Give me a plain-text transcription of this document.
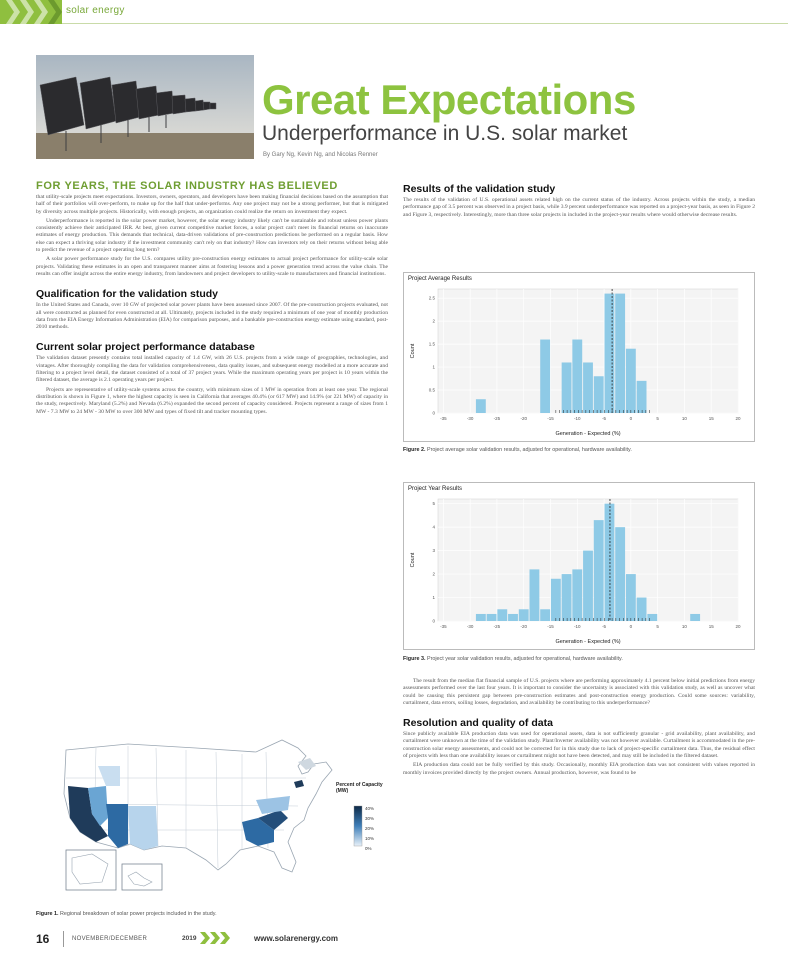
solar energy
Great Expectations
Underperformance in U.S. solar market
By Gary Ng, Kevin Ng, and Nicolas Renner
FOR YEARS, THE SOLAR INDUSTRY HAS BELIEVED

that utility-scale projects meet expectations. Investors, owners, operators, and developers have been making financial decisions based on the assumption that half of their portfolios will over-perform, to make up for the half that under-performs. Any one project may not be a strong performer, but that is mitigated by diversity across multiple projects. Historically, with enough projects, an organization could realize the return on investment they expect.

Underperformance is reported in the solar power market, however, the solar energy industry likely can't be sustainable and robust unless power plants consistently achieve their anticipated IRR. At best, given current competitive market forces, a solar project can't meet its financial returns on inaccurate estimates of energy production. This demands that technical, data-driven validations of pre-construction predictions be performed on a regular basis. How else can expect a thriving solar industry if the investment community can't rely on that industry? How can investors rely on their returns without being able to predict the revenue of a project operating long term?

A solar power performance study for the U.S. compares utility pre-construction energy estimates to actual project performance for utility-scale solar projects. Validating these estimates in an open and transparent manner aims at fostering lessons and a power generation trend across the value chain. The results can offer insight across the entire energy industry, from landowners and project developers to utility-scale to manufacturers and financial institutions.

Qualification for the validation study

In the United States and Canada, over 10 GW of projected solar power plants have been assessed since 2007. Of the pre-construction projects evaluated, not all were constructed as planned for even constructed at all. Ultimately, projects included in the study required a minimum of one year of monthly production data from the EIA Energy Information Administration (EIA) for comparison purposes, and a bankable pre-construction energy estimate using standard, post-2010 methods.

Current solar project performance database

The validation dataset presently contains total installed capacity of 1.4 GW, with 26 U.S. projects from a wide range of geographies, technologies, and vintages. After thoroughly compiling the data for validation comprehensiveness, data quality issues, and subsequent energy modelled at a more accurate and filtering to a project level detail, the dataset consisted of a total of 37 project years. While the maximum operating years per project is 10 years within the filtered dataset, the average is 2.1 operating years per project.

Projects are representative of utility-scale systems across the country, with minimum sizes of 1 MW in operation from at least one year. The regional distribution is shown in Figure 1, where the highest capacity is seen in California that averages 40.4% (or 617 MW) and 14.9% (or 221 MW) of capacity in the study, respectively. Maryland (5.2%) and Nevada (6.2%) expanded the second percent of capacity considered. Projects represent a range of sizes from 1 MW - 7.3 MW to 24 MW - 30 MW to over 300 MW and types of fixed tilt and tracker mounting types.

Percent of Capacity (MW)
40%
30%
20%
10%
0%
Figure 1. Regional breakdown of solar power projects included in the study.
Results of the validation study

The results of the validation of U.S. operational assets related high on the current status of the industry. Across projects within the study, a median performance gap of 3.5 percent was observed in a project basis, while 3.9 percent underperformance was reported on a project-year basis, as seen in Figure 2 and Figure 3, respectively. Interestingly, more than three solar projects in included in the project-year results where would otherwise decrease results.

Project Average Results
-35	-30	-25	-20	-15	-10	-5	0	5	10	15	20
0
0.5
1
1.5
2
2.5
Generation - Expected (%)
Count
Figure 2. Project average solar validation results, adjusted for operational, hardware availability.
Project Year Results
-35	-30	-25	-20	-15	-10	-5	0	5	10	15	20
0
1
2
3
4
5
Generation - Expected (%)
Count
Figure 3. Project year solar validation results, adjusted for operational, hardware availability.

The result from the median flat financial sample of U.S. projects where are performing approximately 4.1 percent below initial predictions from energy assessments performed over the last four years. It is important to consider the uncertainty is associated with this validation study, as well as uncover what could be causing this persistent gap between pre-construction estimates and post-construction energy production. Could some sources: variability, curtailment, data errors, soiling losses, degradation, and availability be contributing to this underperformance?

Resolution and quality of data

Since publicly available EIA production data was used for operational assets, data is not sufficiently granular - grid availability, plant availability, and curtailment were unknown at the time of the validation study. Plant/Inverter availability was not however available. Curtailment is accommodated in the pre-construction solar energy assessments, and could not be corrected for in this study due to lack of project-specific curtailment data. Thus, the residual effect of projects with less than one availability issues or curtailment might not have been detected, and may still be included in the filtered dataset.

EIA production data could not be fully verified by this study. Occasionally, monthly EIA production data was not consistent with values reported in monthly invoices provided directly by the project owners. Annual production, however, was found to be

16	NOVEMBER/DECEMBER	2019	www.solarenergy.com
